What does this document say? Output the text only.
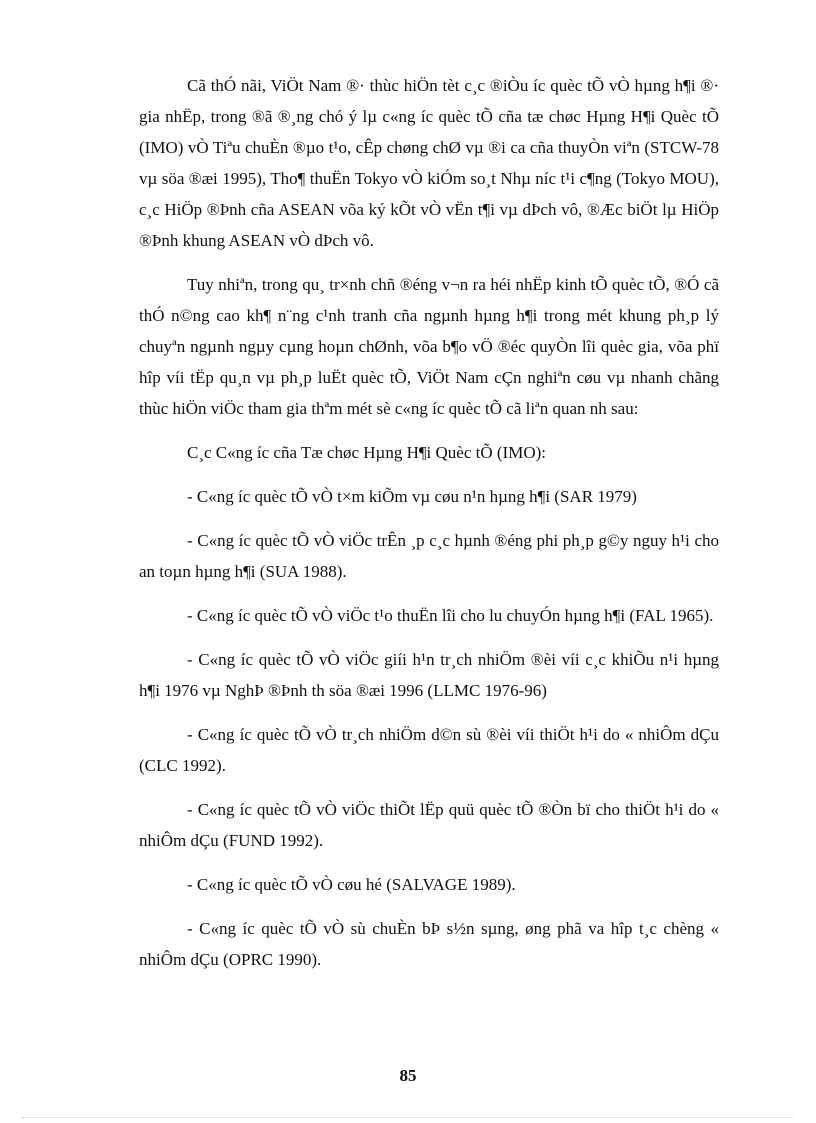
Cã thÓ nãi, ViÖt Nam ®· thùc hiÖn tèt c¸c ®iÒu íc quèc tÕ vÒ hµng h¶i ®· gia nhËp, trong ®ã ®¸ng chó ý lµ c«ng íc quèc tÕ cña tæ chøc Hµng H¶i Quèc tÕ (IMO) vÒ Tiªu chuÈn ®µo t¹o, cÊp chøng chØ vµ ®i ca cña thuyÒn viªn (STCW-78 vµ söa ®æi 1995), Tho¶ thuËn Tokyo vÒ kiÓm so¸t Nhµ níc t¹i c¶ng (Tokyo MOU), c¸c HiÖp ®Þnh cña ASEAN võa ký kÕt vÒ vËn t¶i vµ dÞch vô, ®Æc biÖt lµ HiÖp ®Þnh khung ASEAN vÒ dÞch vô.

Tuy nhiªn, trong qu¸ tr×nh chñ ®éng v¬n ra héi nhËp kinh tÕ quèc tÕ, ®Ó cã thÓ n©ng cao kh¶ n¨ng c¹nh tranh cña ngµnh hµng h¶i trong mét khung ph¸p lý chuyªn ngµnh ngµy cµng hoµn chØnh, võa b¶o vÖ ®éc quyÒn lîi quèc gia, võa phï hîp víi tËp qu¸n vµ ph¸p luËt quèc tÕ, ViÖt Nam cÇn nghiªn cøu vµ nhanh chãng thùc hiÖn viÖc tham gia thªm mét sè c«ng íc quèc tÕ cã liªn quan nh sau:

C¸c C«ng íc cña Tæ chøc Hµng H¶i Quèc tÕ (IMO):

- C«ng íc quèc tÕ vÒ t×m kiÕm vµ cøu n¹n hµng h¶i (SAR 1979)

- C«ng íc quèc tÕ vÒ viÖc trÊn ¸p c¸c hµnh ®éng phi ph¸p g©y nguy h¹i cho an toµn hµng h¶i (SUA 1988).

- C«ng íc quèc tÕ vÒ viÖc t¹o thuËn lîi cho lu chuyÓn hµng h¶i (FAL 1965).

- C«ng íc quèc tÕ vÒ viÖc giíi h¹n tr¸ch nhiÖm ®èi víi c¸c khiÕu n¹i hµng h¶i 1976 vµ NghÞ ®Þnh th söa ®æi 1996 (LLMC 1976-96)

- C«ng íc quèc tÕ vÒ tr¸ch nhiÖm d©n sù ®èi víi thiÖt h¹i do « nhiÔm dÇu (CLC 1992).

- C«ng íc quèc tÕ vÒ viÖc thiÕt lËp quü quèc tÕ ®Òn bï cho thiÖt h¹i do « nhiÔm dÇu (FUND 1992).

- C«ng íc quèc tÕ vÒ cøu hé (SALVAGE 1989).

- C«ng íc quèc tÕ vÒ sù chuÈn bÞ s½n sµng, øng phã va hîp t¸c chèng « nhiÔm dÇu (OPRC 1990).

85
